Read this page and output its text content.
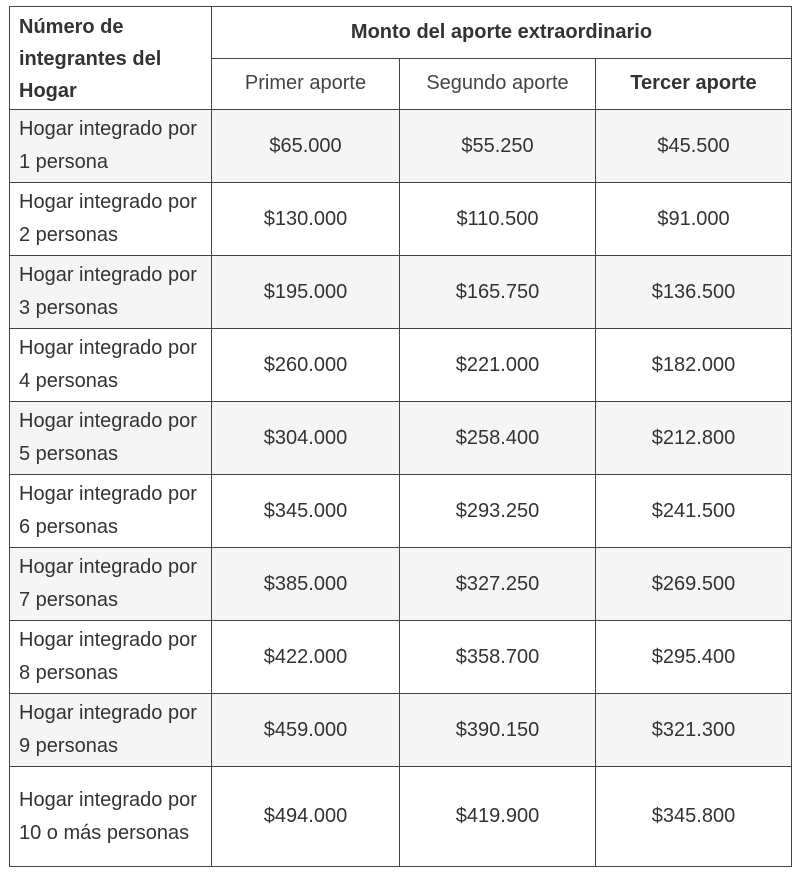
Número de integrantes del Hogar	Monto del aporte extraordinario		
	Primer aporte	Segundo aporte	Tercer aporte
Hogar integrado por 1 persona	$65.000	$55.250	$45.500
Hogar integrado por 2 personas	$130.000	$110.500	$91.000
Hogar integrado por 3 personas	$195.000	$165.750	$136.500
Hogar integrado por 4 personas	$260.000	$221.000	$182.000
Hogar integrado por 5 personas	$304.000	$258.400	$212.800
Hogar integrado por 6 personas	$345.000	$293.250	$241.500
Hogar integrado por 7 personas	$385.000	$327.250	$269.500
Hogar integrado por 8 personas	$422.000	$358.700	$295.400
Hogar integrado por 9 personas	$459.000	$390.150	$321.300
Hogar integrado por 10 o más personas	$494.000	$419.900	$345.800
